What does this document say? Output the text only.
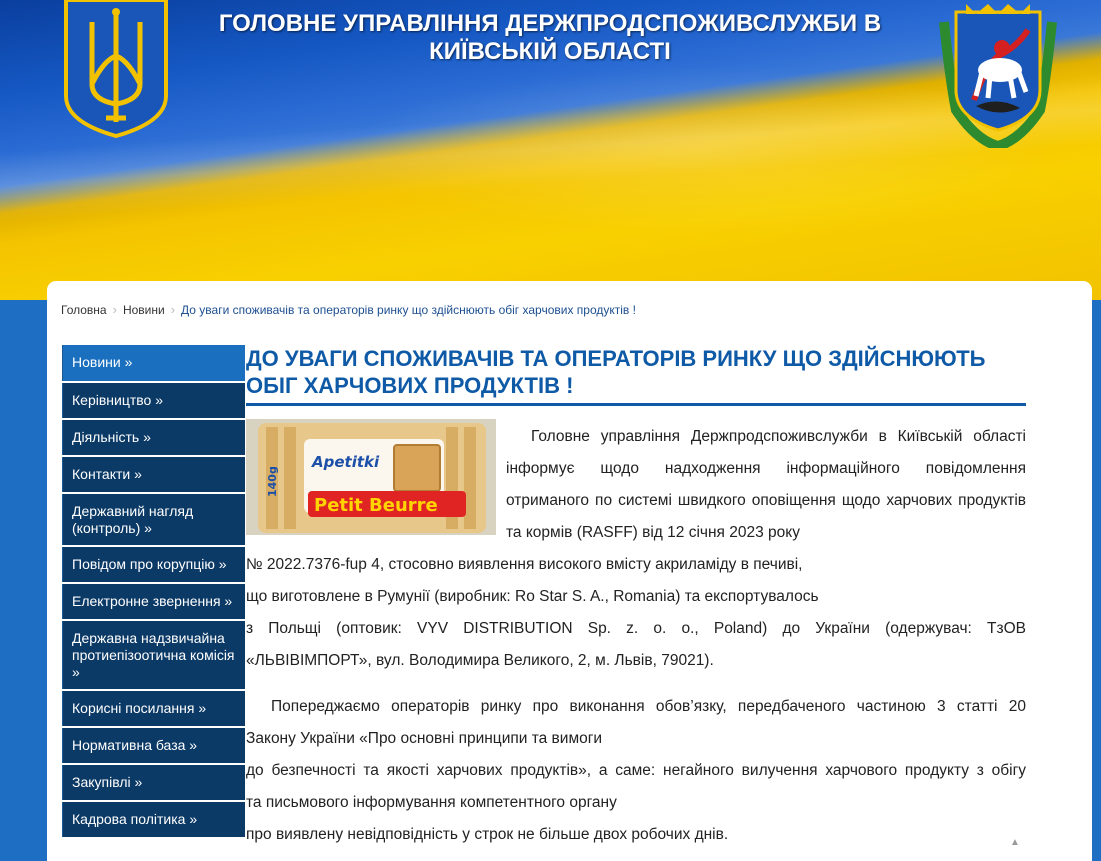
ГОЛОВНЕ УПРАВЛІННЯ ДЕРЖПРОДСПОЖИВСЛУЖБИ В
КИЇВСЬКІЙ ОБЛАСТІ
Головна › Новини › До уваги споживачів та операторів ринку що здійснюють обіг харчових продуктів !
Новини »
Керівництво »
Діяльність »
Контакти »
Державний нагляд (контроль) »
Повідом про корупцію »
Електронне звернення »
Державна надзвичайна протиепізоотична комісія »
Корисні посилання »
Нормативна база »
Закупівлі »
Кадрова політика »
ДО УВАГИ СПОЖИВАЧІВ ТА ОПЕРАТОРІВ РИНКУ ЩО ЗДІЙСНЮЮТЬ ОБІГ ХАРЧОВИХ ПРОДУКТІВ !
Apetitki
Petit Beurre
140g

Головне управління Держпродспоживслужби в Київській області інформує щодо надходження інформаційного повідомлення отриманого по системі швидкого оповіщення щодо харчових продуктів та кормів (RASFF) від 12 січня 2023 року

№ 2022.7376-fup 4, стосовно виявлення високого вмісту акриламіду в печиві,

що виготовлене в Румунії (виробник: Ro Star S. A., Romania) та експортувалось

з Польщі (оптовик: VYV DISTRIBUTION Sp. z. o. o., Poland) до України (одержувач: ТзОВ

«ЛЬВІВІМПОРТ», вул. Володимира Великого, 2, м. Львів, 79021).

Попереджаємо операторів ринку про виконання обов’язку, передбаченого частиною 3 статті 20

Закону України «Про основні принципи та вимоги

до безпечності та якості харчових продуктів», а саме: негайного вилучення харчового продукту з обігу

та письмового інформування компетентного органу

про виявлену невідповідність у строк не більше двох робочих днів.	▲
